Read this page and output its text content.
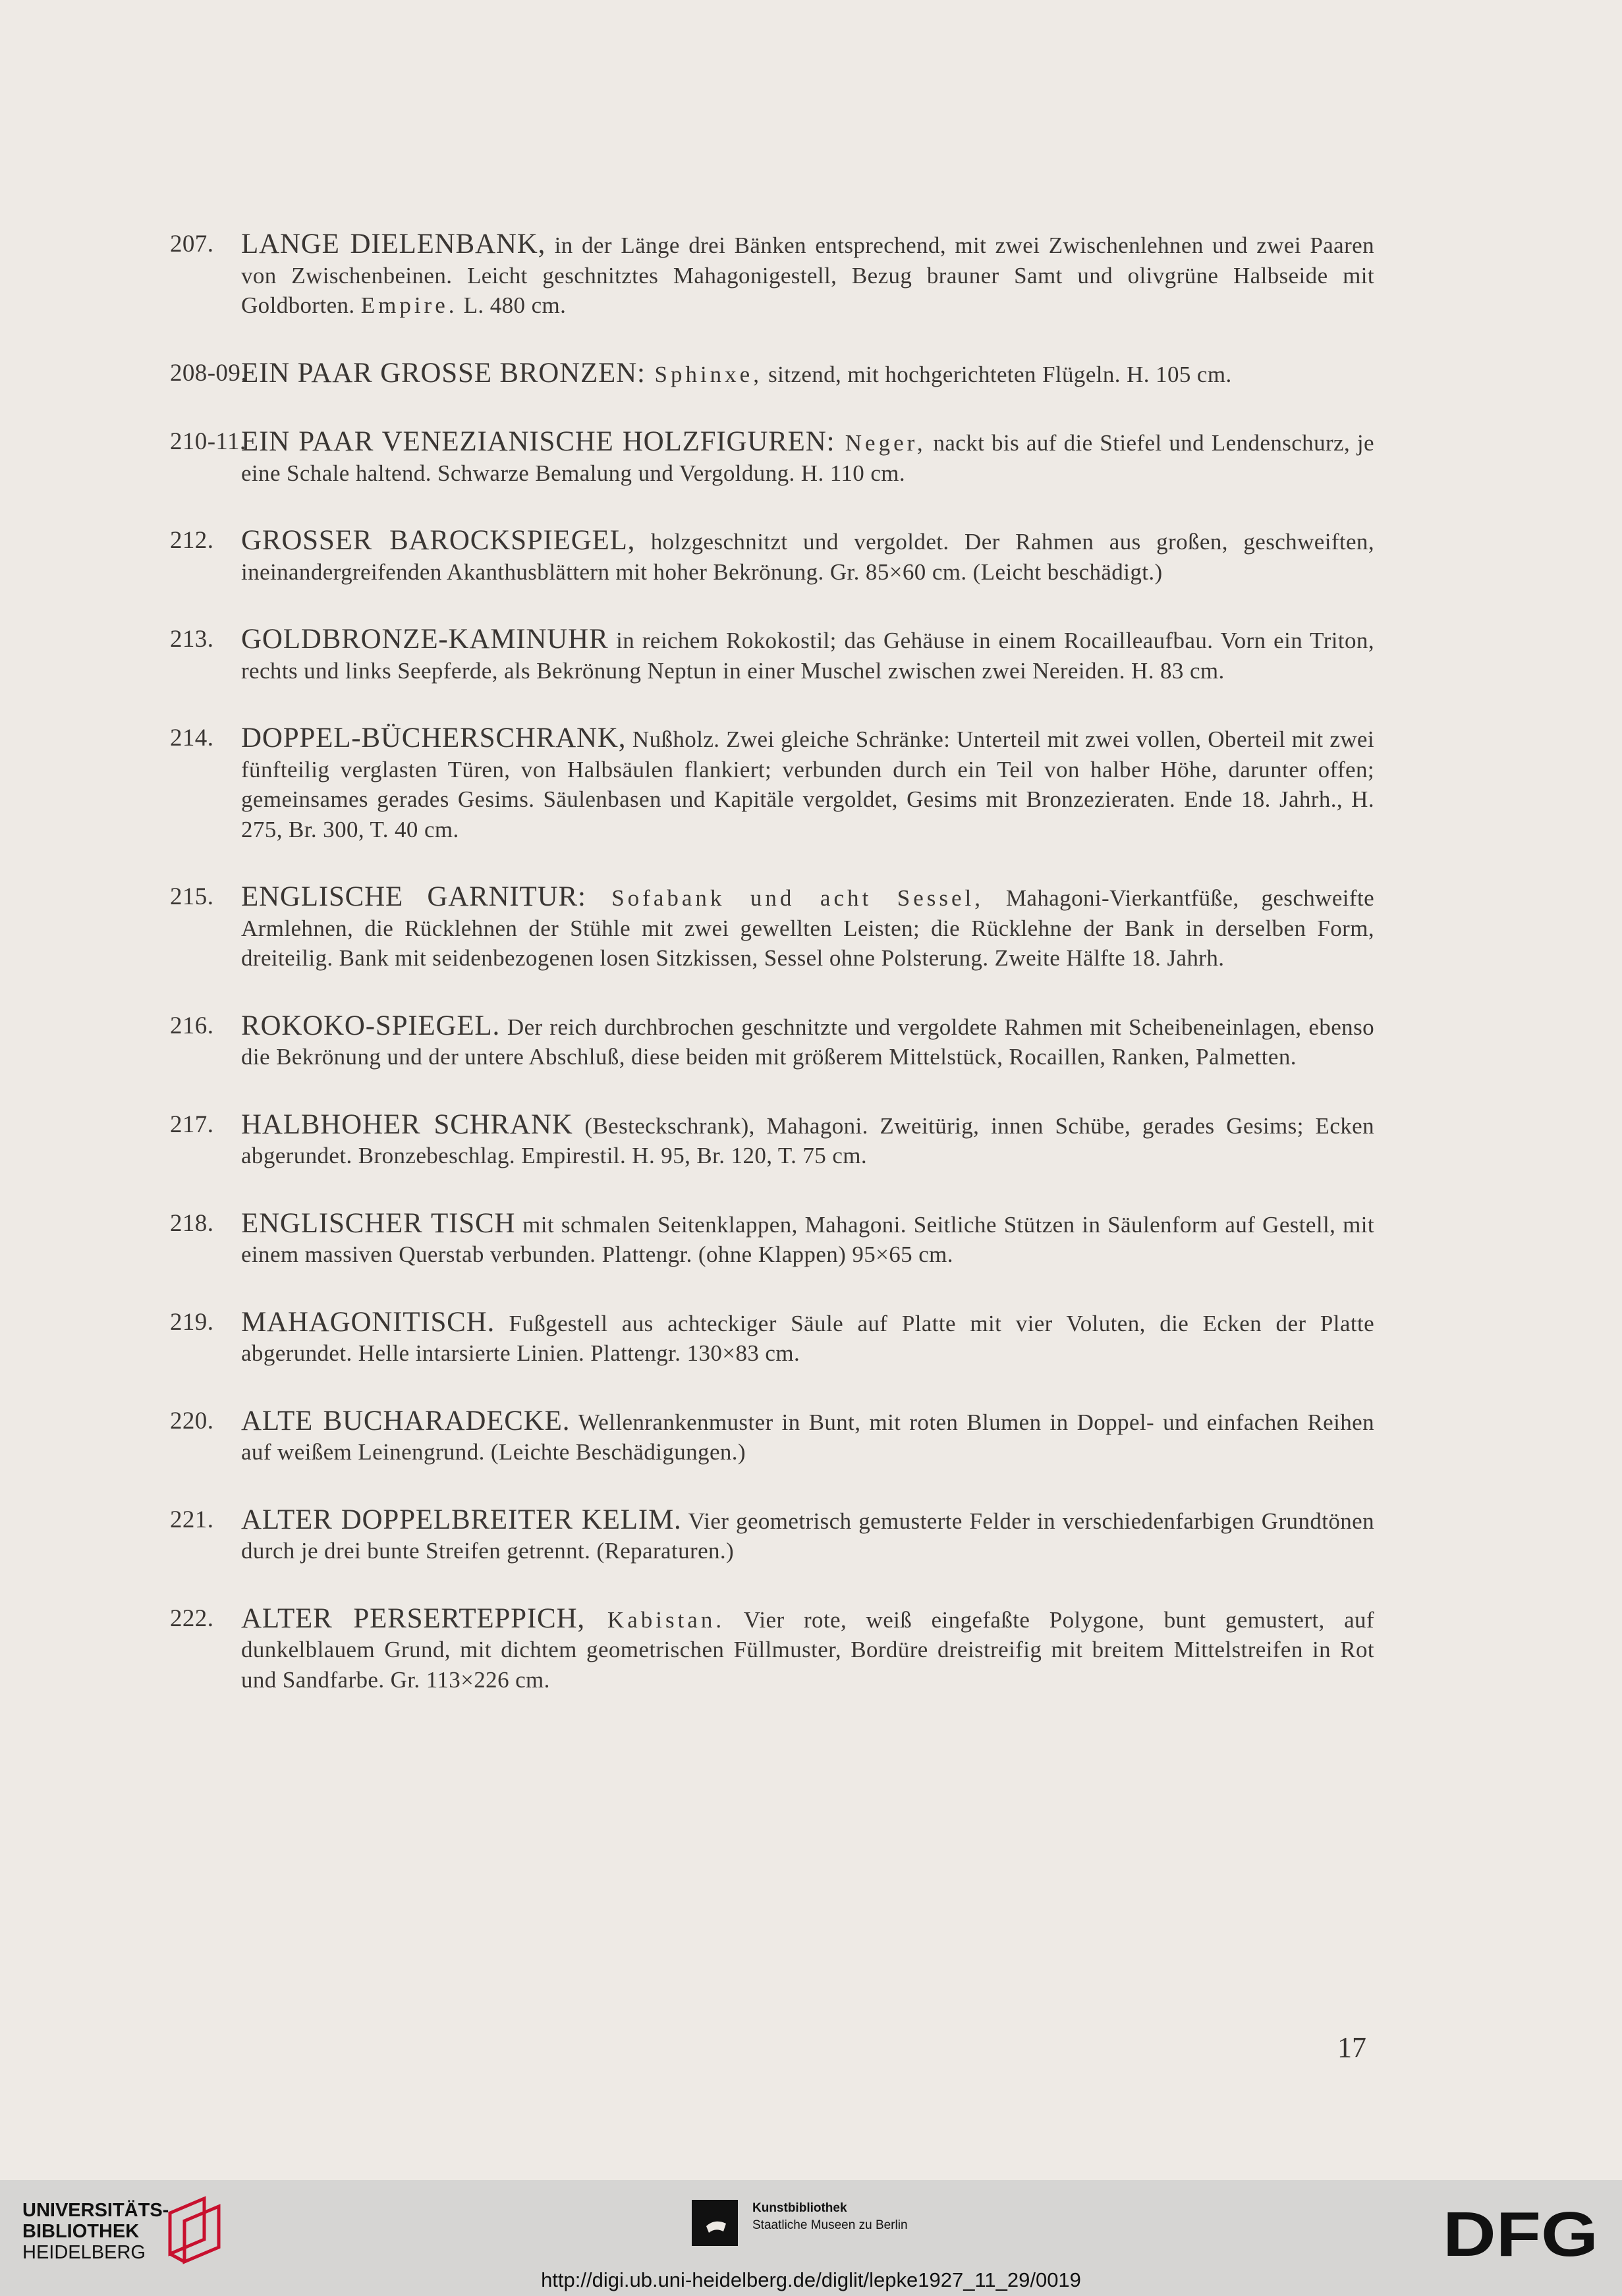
207. LANGE DIELENBANK, in der Länge drei Bänken entsprechend, mit zwei Zwischenlehnen und zwei Paaren von Zwischenbeinen. Leicht geschnitztes Mahagonigestell, Bezug brauner Samt und olivgrüne Halbseide mit Goldborten. Empire. L. 480 cm.
208-09.
EIN PAAR GROSSE BRONZEN: Sphinxe, sitzend, mit hochgerichteten Flügeln. H. 105 cm.
210-11.
EIN PAAR VENEZIANISCHE HOLZFIGUREN: Neger, nackt bis auf die Stiefel und Lendenschurz, je eine Schale haltend. Schwarze Bemalung und Vergoldung. H. 110 cm.
212. GROSSER BAROCKSPIEGEL, holzgeschnitzt und vergoldet. Der Rahmen aus großen, geschweiften, ineinandergreifenden Akanthusblättern mit hoher Bekrönung. Gr. 85×60 cm. (Leicht beschädigt.)
213. GOLDBRONZE-KAMINUHR in reichem Rokokostil; das Gehäuse in einem Rocailleaufbau. Vorn ein Triton, rechts und links Seepferde, als Bekrönung Neptun in einer Muschel zwischen zwei Nereiden. H. 83 cm.
214. DOPPEL-BÜCHERSCHRANK, Nußholz. Zwei gleiche Schränke: Unterteil mit zwei vollen, Oberteil mit zwei fünfteilig verglasten Türen, von Halbsäulen flankiert; verbunden durch ein Teil von halber Höhe, darunter offen; gemeinsames gerades Gesims. Säulenbasen und Kapitäle vergoldet, Gesims mit Bronzezieraten. Ende 18. Jahrh., H. 275, Br. 300, T. 40 cm.
215. ENGLISCHE GARNITUR: Sofabank und acht Sessel, Mahagoni-Vierkantfüße, geschweifte Armlehnen, die Rücklehnen der Stühle mit zwei gewellten Leisten; die Rücklehne der Bank in derselben Form, dreiteilig. Bank mit seidenbezogenen losen Sitzkissen, Sessel ohne Polsterung. Zweite Hälfte 18. Jahrh.
216. ROKOKO-SPIEGEL. Der reich durchbrochen geschnitzte und vergoldete Rahmen mit Scheibeneinlagen, ebenso die Bekrönung und der untere Abschluß, diese beiden mit größerem Mittelstück, Rocaillen, Ranken, Palmetten.
217. HALBHOHER SCHRANK (Besteckschrank), Mahagoni. Zweitürig, innen Schübe, gerades Gesims; Ecken abgerundet. Bronzebeschlag. Empirestil. H. 95, Br. 120, T. 75 cm.
218. ENGLISCHER TISCH mit schmalen Seitenklappen, Mahagoni. Seitliche Stützen in Säulenform auf Gestell, mit einem massiven Querstab verbunden. Plattengr. (ohne Klappen) 95×65 cm.
219. MAHAGONITISCH. Fußgestell aus achteckiger Säule auf Platte mit vier Voluten, die Ecken der Platte abgerundet. Helle intarsierte Linien. Plattengr. 130×83 cm.
220. ALTE BUCHARADECKE. Wellenrankenmuster in Bunt, mit roten Blumen in Doppel- und einfachen Reihen auf weißem Leinengrund. (Leichte Beschädigungen.)
221. ALTER DOPPELBREITER KELIM. Vier geometrisch gemusterte Felder in verschiedenfarbigen Grundtönen durch je drei bunte Streifen getrennt. (Reparaturen.)
222. ALTER PERSERTEPPICH, Kabistan. Vier rote, weiß eingefaßte Polygone, bunt gemustert, auf dunkelblauem Grund, mit dichtem geometrischen Füllmuster, Bordüre dreistreifig mit breitem Mittelstreifen in Rot und Sandfarbe. Gr. 113×226 cm.
17
UNIVERSITÄTS-
BIBLIOTHEK
HEIDELBERG
Kunstbibliothek
Staatliche Museen zu Berlin	DFG
http://digi.ub.uni-heidelberg.de/diglit/lepke1927_11_29/0019
